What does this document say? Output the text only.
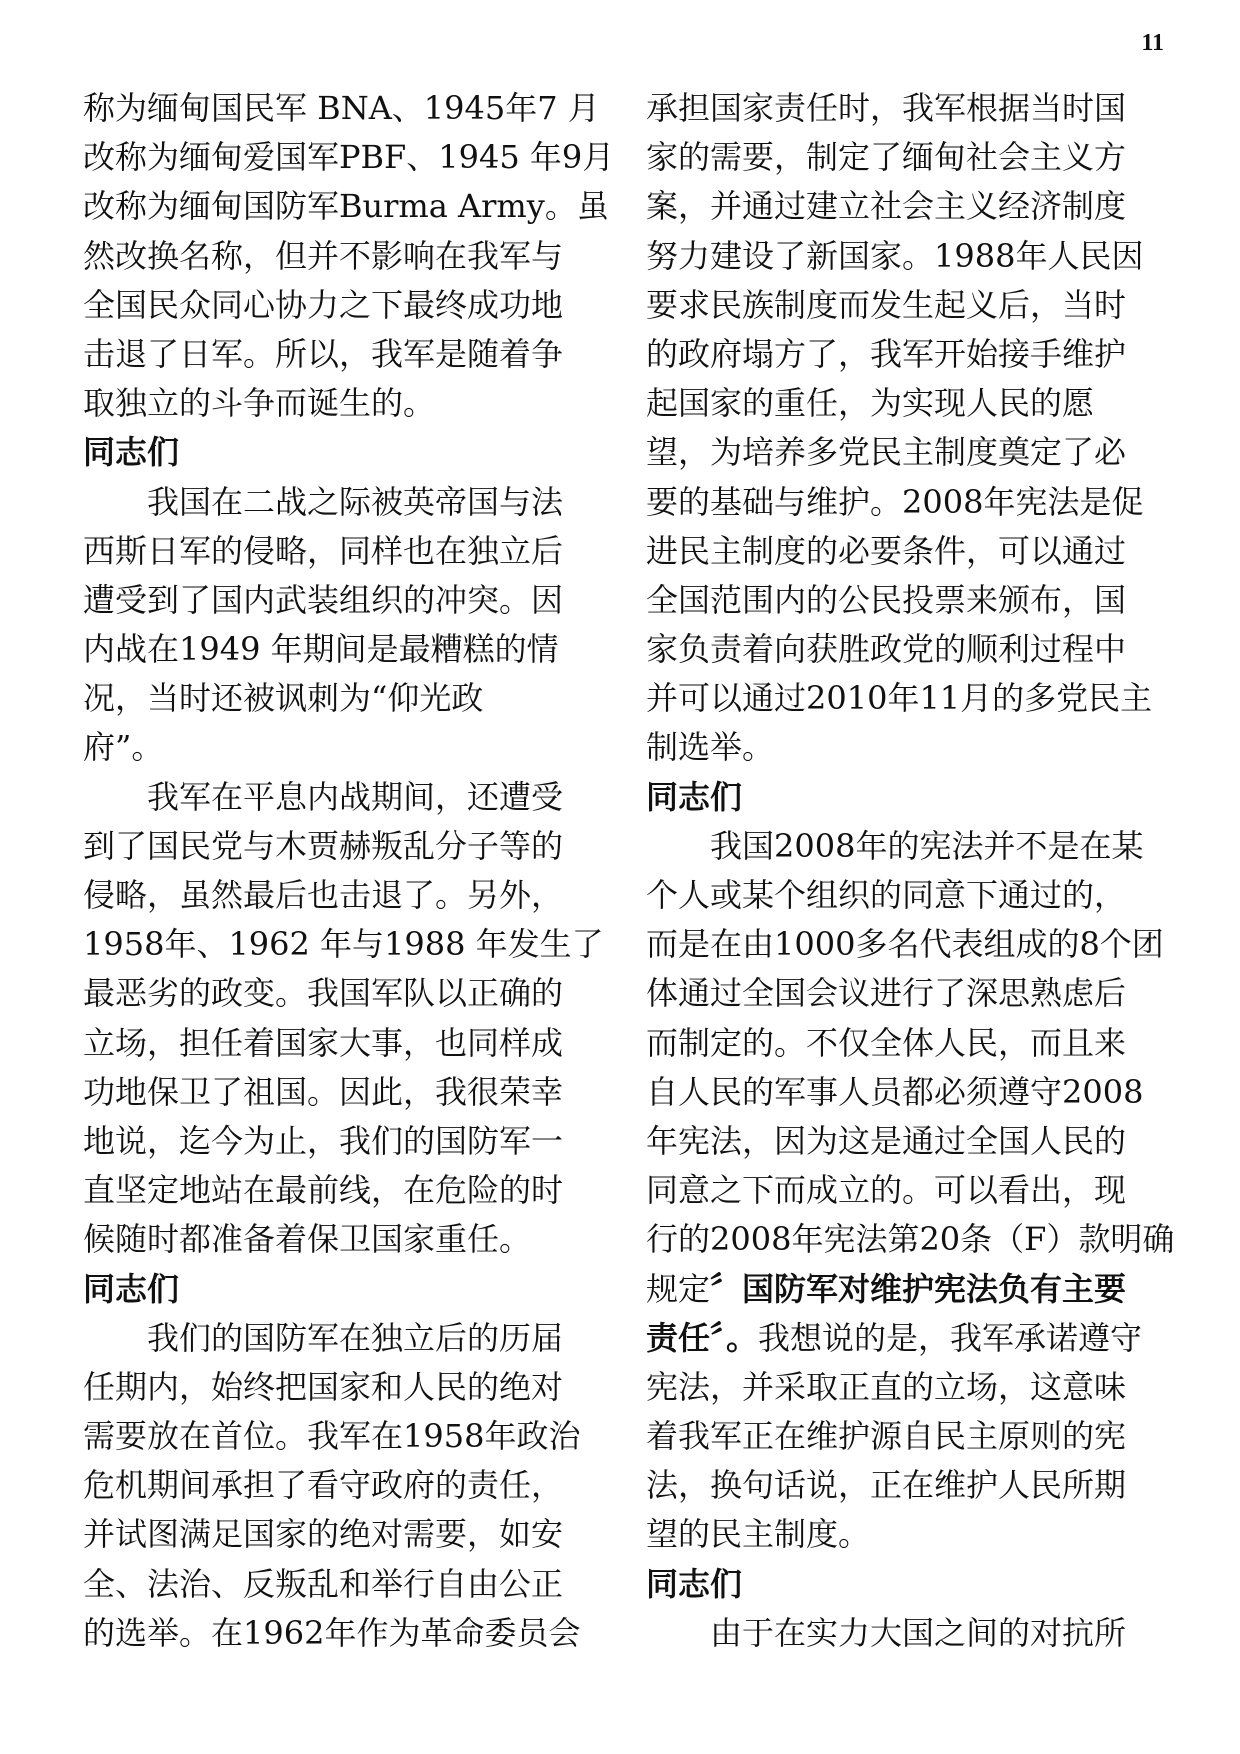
11
称为缅甸国民军 BNA、1945年7 月
改称为缅甸爱国军PBF、1945 年9月
改称为缅甸国防军Burma Army。虽
然改换名称，但并不影响在我军与
全国民众同心协力之下最终成功地
击退了日军。所以，我军是随着争
取独立的斗争而诞生的。
同志们
　　我国在二战之际被英帝国与法
西斯日军的侵略，同样也在独立后
遭受到了国内武装组织的冲突。因
内战在1949 年期间是最糟糕的情
况，当时还被讽刺为“仰光政
府”。
　　我军在平息内战期间，还遭受
到了国民党与木贾赫叛乱分子等的
侵略，虽然最后也击退了。另外，
1958年、1962 年与1988 年发生了
最恶劣的政变。我国军队以正确的
立场，担任着国家大事，也同样成
功地保卫了祖国。因此，我很荣幸
地说，迄今为止，我们的国防军一
直坚定地站在最前线，在危险的时
候随时都准备着保卫国家重任。
同志们
　　我们的国防军在独立后的历届
任期内，始终把国家和人民的绝对
需要放在首位。我军在1958年政治
危机期间承担了看守政府的责任，
并试图满足国家的绝对需要，如安
全、法治、反叛乱和举行自由公正
的选举。在1962年作为革命委员会
承担国家责任时，我军根据当时国
家的需要，制定了缅甸社会主义方
案，并通过建立社会主义经济制度
努力建设了新国家。1988年人民因
要求民族制度而发生起义后，当时
的政府塌方了，我军开始接手维护
起国家的重任，为实现人民的愿
望，为培养多党民主制度奠定了必
要的基础与维护。2008年宪法是促
进民主制度的必要条件，可以通过
全国范围内的公民投票来颁布，国
家负责着向获胜政党的顺利过程中
并可以通过2010年11月的多党民主
制选举。
同志们
　　我国2008年的宪法并不是在某
个人或某个组织的同意下通过的，
而是在由1000多名代表组成的8个团
体通过全国会议进行了深思熟虑后
而制定的。不仅全体人民，而且来
自人民的军事人员都必须遵守2008
年宪法，因为这是通过全国人民的
同意之下而成立的。可以看出，现
行的2008年宪法第20条（F）款明确
规定〞国防军对维护宪法负有主要
责任〞。我想说的是，我军承诺遵守
宪法，并采取正直的立场，这意味
着我军正在维护源自民主原则的宪
法，换句话说，正在维护人民所期
望的民主制度。
同志们
　　由于在实力大国之间的对抗所
